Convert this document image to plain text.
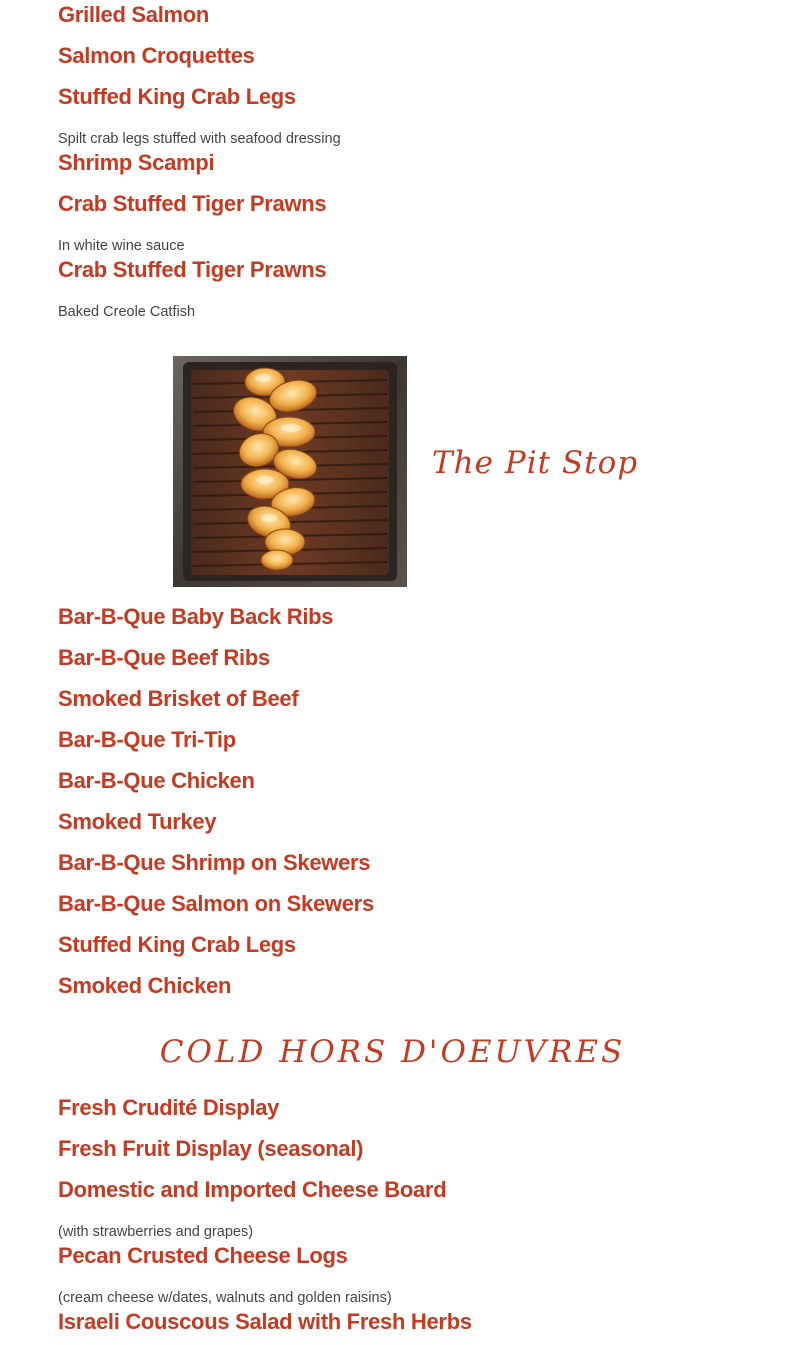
Grilled Salmon
Salmon Croquettes
Stuffed King Crab Legs

Spilt crab legs stuffed with seafood dressing

Shrimp Scampi
Crab Stuffed Tiger Prawns

In white wine sauce

Crab Stuffed Tiger Prawns

Baked Creole Catfish

The Pit Stop
Bar-B-Que Baby Back Ribs
Bar-B-Que Beef Ribs
Smoked Brisket of Beef
Bar-B-Que Tri-Tip
Bar-B-Que Chicken
Smoked Turkey
Bar-B-Que Shrimp on Skewers
Bar-B-Que Salmon on Skewers
Stuffed King Crab Legs
Smoked Chicken
COLD HORS D'OEUVRES
Fresh Crudité Display
Fresh Fruit Display (seasonal)
Domestic and Imported Cheese Board

(with strawberries and grapes)

Pecan Crusted Cheese Logs

(cream cheese w/dates, walnuts and golden raisins)

Israeli Couscous Salad with Fresh Herbs
